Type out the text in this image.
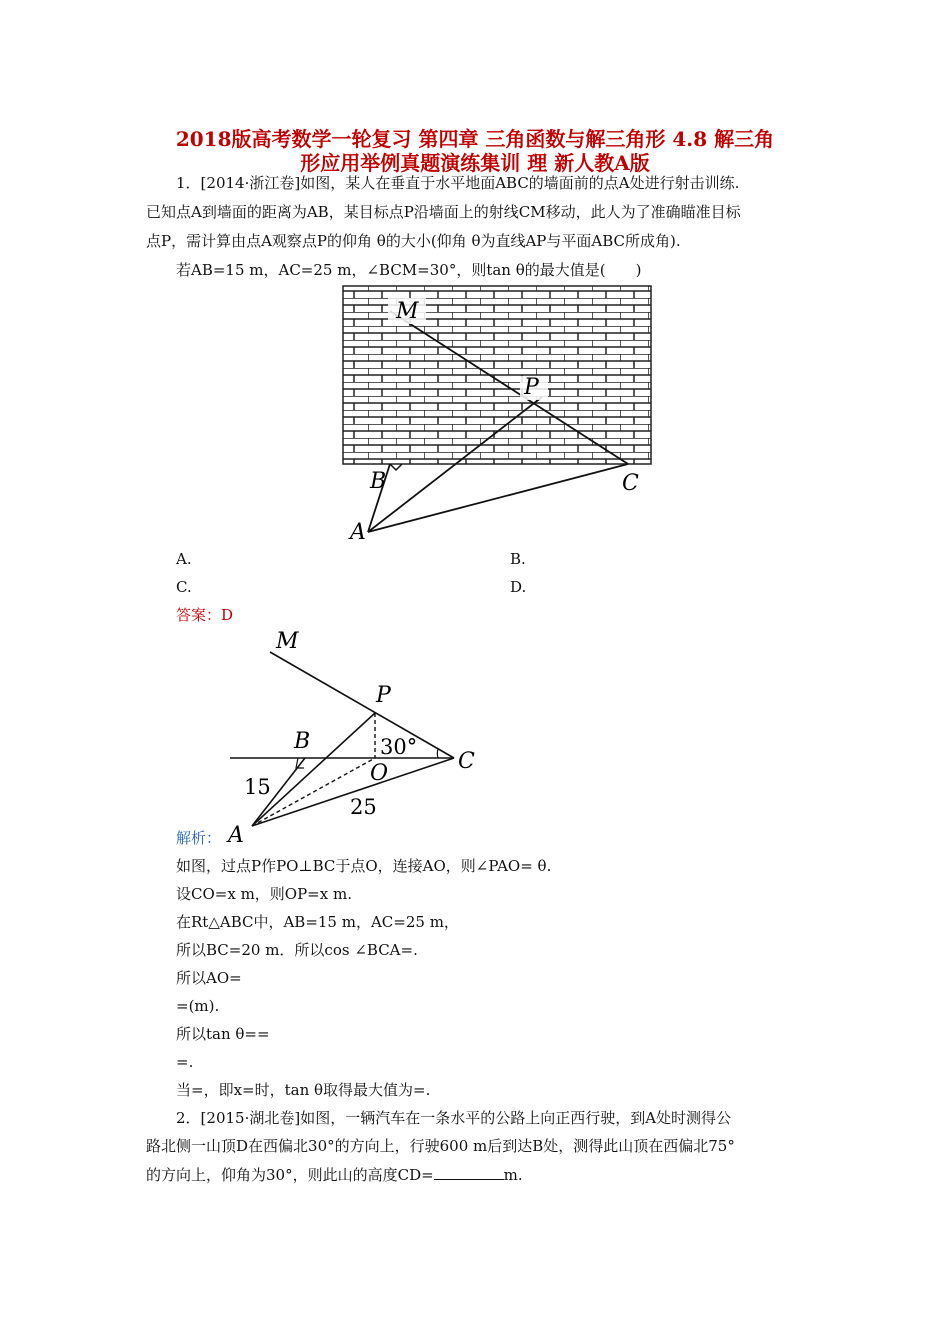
2018版高考数学一轮复习 第四章 三角函数与解三角形 4.8 解三角
形应用举例真题演练集训 理 新人教A版
1．[2014·浙江卷]如图，某人在垂直于水平地面ABC的墙面前的点A处进行射击训练.
已知点A到墙面的距离为AB，某目标点P沿墙面上的射线CM移动，此人为了准确瞄准目标
点P，需计算由点A观察点P的仰角 θ的大小(仰角 θ为直线AP与平面ABC所成角).
若AB=15 m，AC=25 m，∠BCM=30°，则tan θ的最大值是(　　)
M
P
B	C
A
A.	B.
C.	D.
答案：D
M
P
B	30°
O	C
15
25
A
解析：
如图，过点P作PO⊥BC于点O，连接AO，则∠PAO= θ.
设CO=x m，则OP=x m.
在Rt△ABC中，AB=15 m，AC=25 m，
所以BC=20 m．所以cos ∠BCA=.
所以AO=
=(m).
所以tan θ==
=.
当=，即x=时，tan θ取得最大值为=.
2．[2015·湖北卷]如图，一辆汽车在一条水平的公路上向正西行驶，到A处时测得公
路北侧一山顶D在西偏北30°的方向上，行驶600 m后到达B处，测得此山顶在西偏北75°
的方向上，仰角为30°，则此山的高度CD=	m.
